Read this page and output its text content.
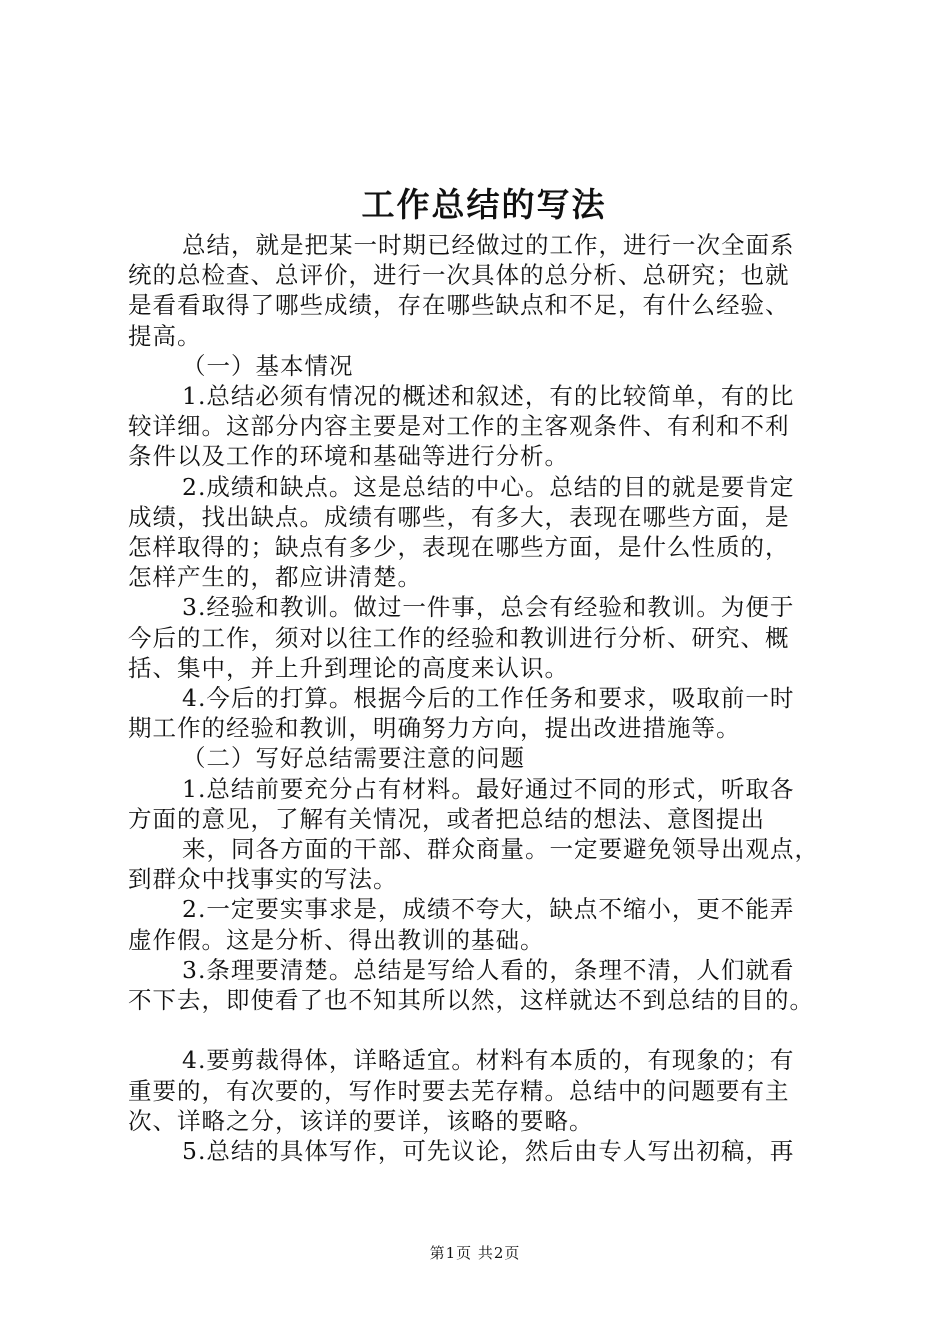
工作总结的写法
总结，就是把某一时期已经做过的工作，进行一次全面系
统的总检查、总评价，进行一次具体的总分析、总研究；也就
是看看取得了哪些成绩，存在哪些缺点和不足，有什么经验、
提高。
（一）基本情况
1.总结必须有情况的概述和叙述，有的比较简单，有的比
较详细。这部分内容主要是对工作的主客观条件、有利和不利
条件以及工作的环境和基础等进行分析。
2.成绩和缺点。这是总结的中心。总结的目的就是要肯定
成绩，找出缺点。成绩有哪些，有多大，表现在哪些方面，是
怎样取得的；缺点有多少，表现在哪些方面，是什么性质的，
怎样产生的，都应讲清楚。
3.经验和教训。做过一件事，总会有经验和教训。为便于
今后的工作，须对以往工作的经验和教训进行分析、研究、概
括、集中，并上升到理论的高度来认识。
4.今后的打算。根据今后的工作任务和要求，吸取前一时
期工作的经验和教训，明确努力方向，提出改进措施等。
（二）写好总结需要注意的问题
1.总结前要充分占有材料。最好通过不同的形式，听取各
方面的意见，了解有关情况，或者把总结的想法、意图提出
来，同各方面的干部、群众商量。一定要避免领导出观点，
到群众中找事实的写法。
2.一定要实事求是，成绩不夸大，缺点不缩小，更不能弄
虚作假。这是分析、得出教训的基础。
3.条理要清楚。总结是写给人看的，条理不清，人们就看
不下去，即使看了也不知其所以然，这样就达不到总结的目的。
4.要剪裁得体，详略适宜。材料有本质的，有现象的；有
重要的，有次要的，写作时要去芜存精。总结中的问题要有主
次、详略之分，该详的要详，该略的要略。
5.总结的具体写作，可先议论，然后由专人写出初稿，再
第1页 共2页
